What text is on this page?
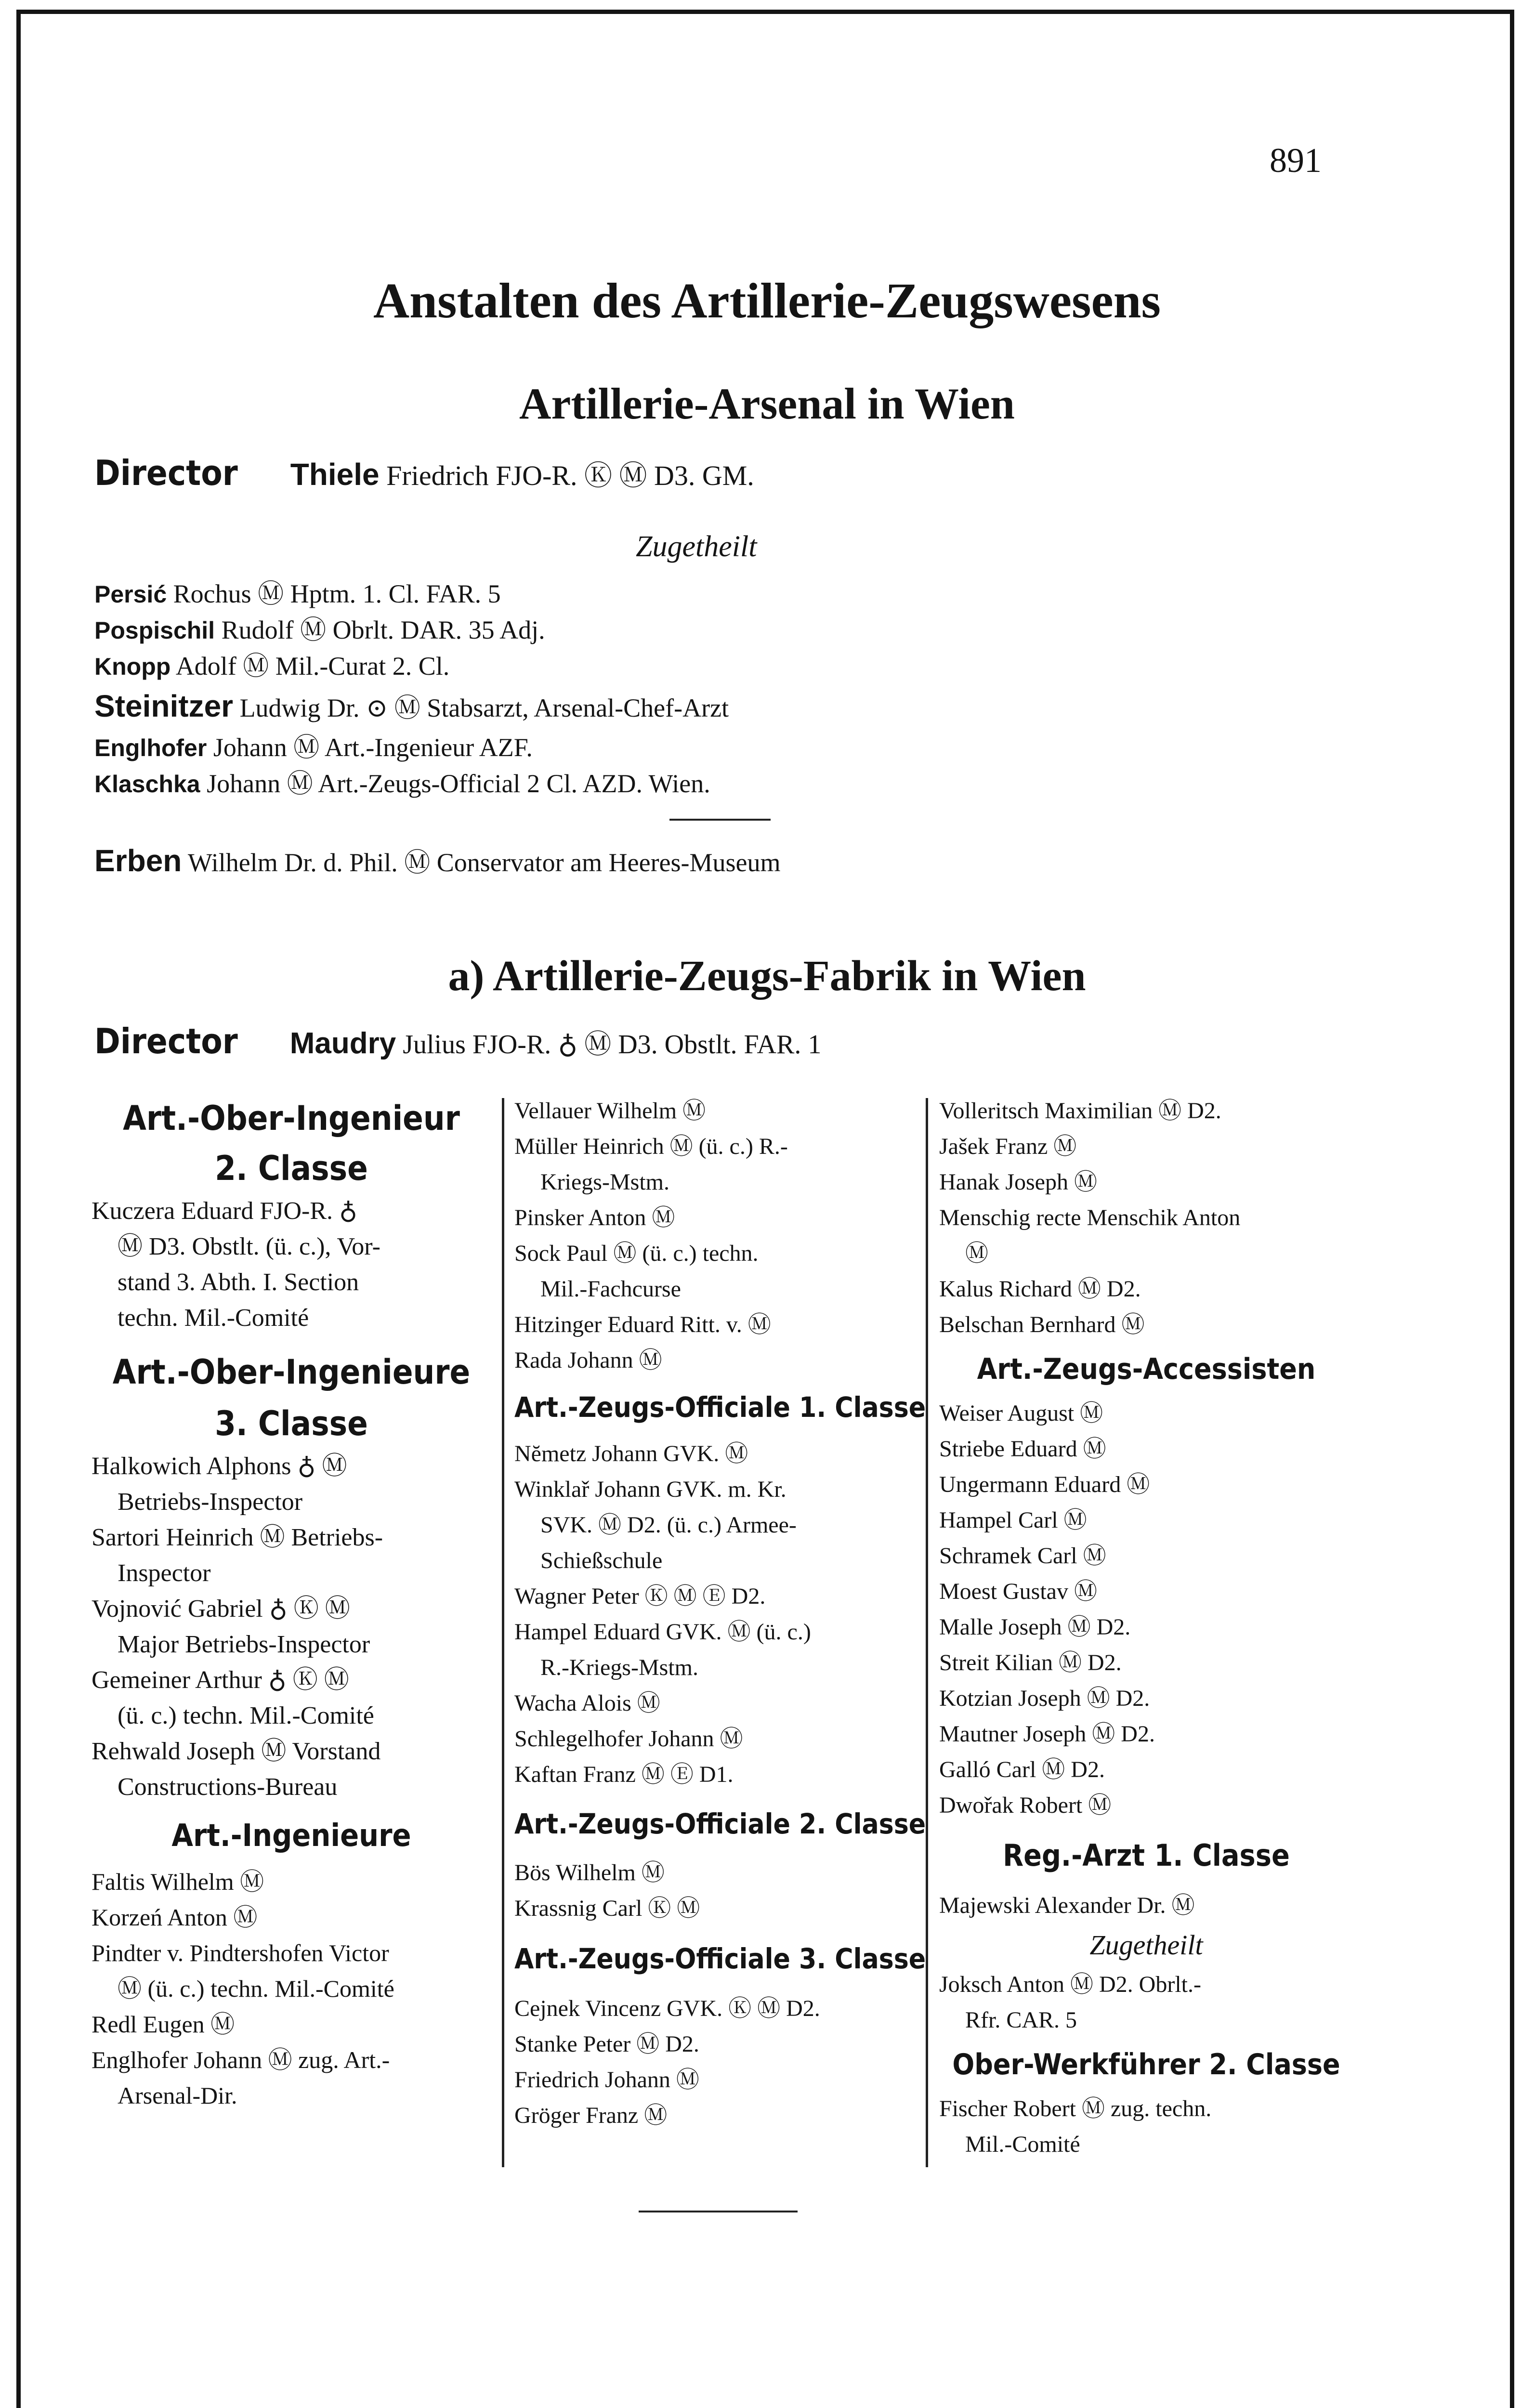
891
Anstalten des Artillerie-Zeugswesens
Artillerie-Arsenal in Wien
Director Thiele Friedrich FJO-R. Ⓚ Ⓜ D3. GM.
Zugetheilt
Persić Rochus Ⓜ Hptm. 1. Cl. FAR. 5
Pospischil Rudolf Ⓜ Obrlt. DAR. 35 Adj.
Knopp Adolf Ⓜ Mil.-Curat 2. Cl.
Steinitzer Ludwig Dr. ⊙ Ⓜ Stabsarzt, Arsenal-Chef-Arzt
Englhofer Johann Ⓜ Art.-Ingenieur AZF.
Klaschka Johann Ⓜ Art.-Zeugs-Official 2 Cl. AZD. Wien.
Erben Wilhelm Dr. d. Phil. Ⓜ Conservator am Heeres-Museum
a) Artillerie-Zeugs-Fabrik in Wien
Director Maudry Julius FJO-R. ♁ Ⓜ D3. Obstlt. FAR. 1
Art.-Ober-Ingenieur
2. Classe
Kuczera Eduard FJO-R. ♁
Ⓜ D3. Obstlt. (ü. c.), Vor-
stand 3. Abth. I. Section
techn. Mil.-Comité
Art.-Ober-Ingenieure
3. Classe
Halkowich Alphons ♁ Ⓜ
Betriebs-Inspector
Sartori Heinrich Ⓜ Betriebs-
Inspector
Vojnović Gabriel ♁ Ⓚ Ⓜ
Major Betriebs-Inspector
Gemeiner Arthur ♁ Ⓚ Ⓜ
(ü. c.) techn. Mil.-Comité
Rehwald Joseph Ⓜ Vorstand
Constructions-Bureau
Art.-Ingenieure
Faltis Wilhelm Ⓜ
Korzeń Anton Ⓜ
Pindter v. Pindtershofen Victor
Ⓜ (ü. c.) techn. Mil.-Comité
Redl Eugen Ⓜ
Englhofer Johann Ⓜ zug. Art.-
Arsenal-Dir.
Vellauer Wilhelm Ⓜ
Müller Heinrich Ⓜ (ü. c.) R.-
Kriegs-Mstm.
Pinsker Anton Ⓜ
Sock Paul Ⓜ (ü. c.) techn.
Mil.-Fachcurse
Hitzinger Eduard Ritt. v. Ⓜ
Rada Johann Ⓜ
Art.-Zeugs-Officiale 1. Classe
Nĕmetz Johann GVK. Ⓜ
Winklař Johann GVK. m. Kr.
SVK. Ⓜ D2. (ü. c.) Armee-
Schießschule
Wagner Peter Ⓚ Ⓜ Ⓔ D2.
Hampel Eduard GVK. Ⓜ (ü. c.)
R.-Kriegs-Mstm.
Wacha Alois Ⓜ
Schlegelhofer Johann Ⓜ
Kaftan Franz Ⓜ Ⓔ D1.
Art.-Zeugs-Officiale 2. Classe
Bös Wilhelm Ⓜ
Krassnig Carl Ⓚ Ⓜ
Art.-Zeugs-Officiale 3. Classe
Cejnek Vincenz GVK. Ⓚ Ⓜ D2.
Stanke Peter Ⓜ D2.
Friedrich Johann Ⓜ
Gröger Franz Ⓜ
Volleritsch Maximilian Ⓜ D2.
Jašek Franz Ⓜ
Hanak Joseph Ⓜ
Menschig recte Menschik Anton
Ⓜ
Kalus Richard Ⓜ D2.
Belschan Bernhard Ⓜ
Art.-Zeugs-Accessisten
Weiser August Ⓜ
Striebe Eduard Ⓜ
Ungermann Eduard Ⓜ
Hampel Carl Ⓜ
Schramek Carl Ⓜ
Moest Gustav Ⓜ
Malle Joseph Ⓜ D2.
Streit Kilian Ⓜ D2.
Kotzian Joseph Ⓜ D2.
Mautner Joseph Ⓜ D2.
Galló Carl Ⓜ D2.
Dwořak Robert Ⓜ
Reg.-Arzt 1. Classe
Majewski Alexander Dr. Ⓜ
Zugetheilt
Joksch Anton Ⓜ D2. Obrlt.-
Rfr. CAR. 5
Ober-Werkführer 2. Classe
Fischer Robert Ⓜ zug. techn.
Mil.-Comité
